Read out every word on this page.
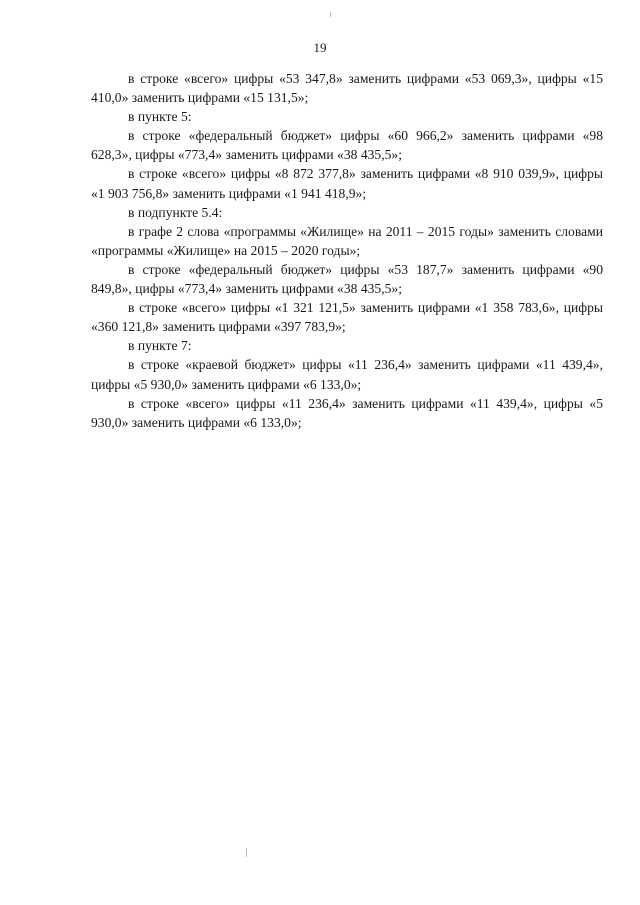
19

в строке «всего» цифры «53 347,8» заменить цифрами «53 069,3», цифры «15 410,0» заменить цифрами «15 131,5»;

в пункте 5:

в строке «федеральный бюджет» цифры «60 966,2» заменить цифрами «98 628,3», цифры «773,4» заменить цифрами «38 435,5»;

в строке «всего» цифры «8 872 377,8» заменить цифрами «8 910 039,9», цифры «1 903 756,8» заменить цифрами «1 941 418,9»;

в подпункте 5.4:

в графе 2 слова «программы «Жилище» на 2011 – 2015 годы» заменить словами «программы «Жилище» на 2015 – 2020 годы»;

в строке «федеральный бюджет» цифры «53 187,7» заменить цифрами «90 849,8», цифры «773,4» заменить цифрами «38 435,5»;

в строке «всего» цифры «1 321 121,5» заменить цифрами «1 358 783,6», цифры «360 121,8» заменить цифрами «397 783,9»;

в пункте 7:

в строке «краевой бюджет» цифры «11 236,4» заменить цифрами «11 439,4», цифры «5 930,0» заменить цифрами «6 133,0»;

в строке «всего» цифры «11 236,4» заменить цифрами «11 439,4», цифры «5 930,0» заменить цифрами «6 133,0»;
